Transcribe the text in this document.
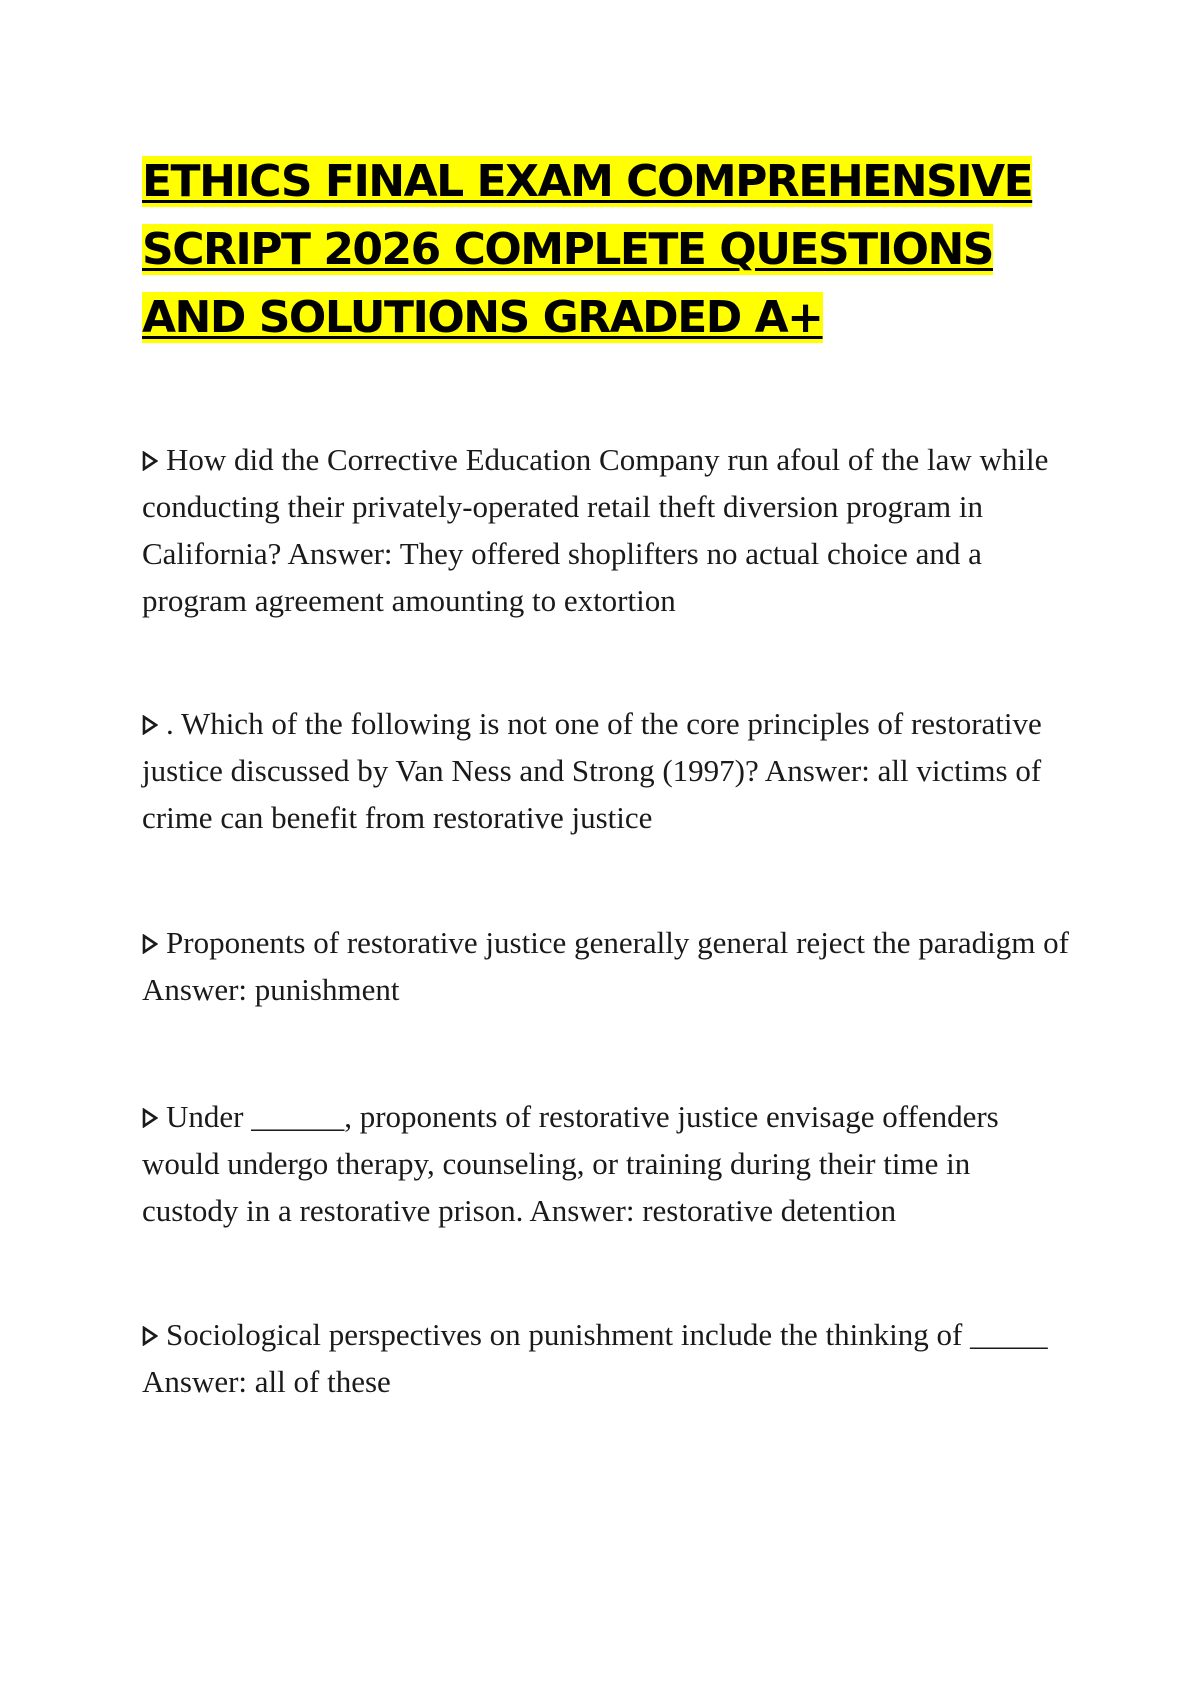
ETHICS FINAL EXAM COMPREHENSIVE SCRIPT 2026 COMPLETE QUESTIONS AND SOLUTIONS GRADED A+

How did the Corrective Education Company run afoul of the law while conducting their privately-operated retail theft diversion program in California? Answer: They offered shoplifters no actual choice and a program agreement amounting to extortion

. Which of the following is not one of the core principles of restorative justice discussed by Van Ness and Strong (1997)? Answer: all victims of crime can benefit from restorative justice

Proponents of restorative justice generally general reject the paradigm of Answer: punishment

Under ______, proponents of restorative justice envisage offenders would undergo therapy, counseling, or training during their time in custody in a restorative prison. Answer: restorative detention

Sociological perspectives on punishment include the thinking of _____ Answer: all of these
